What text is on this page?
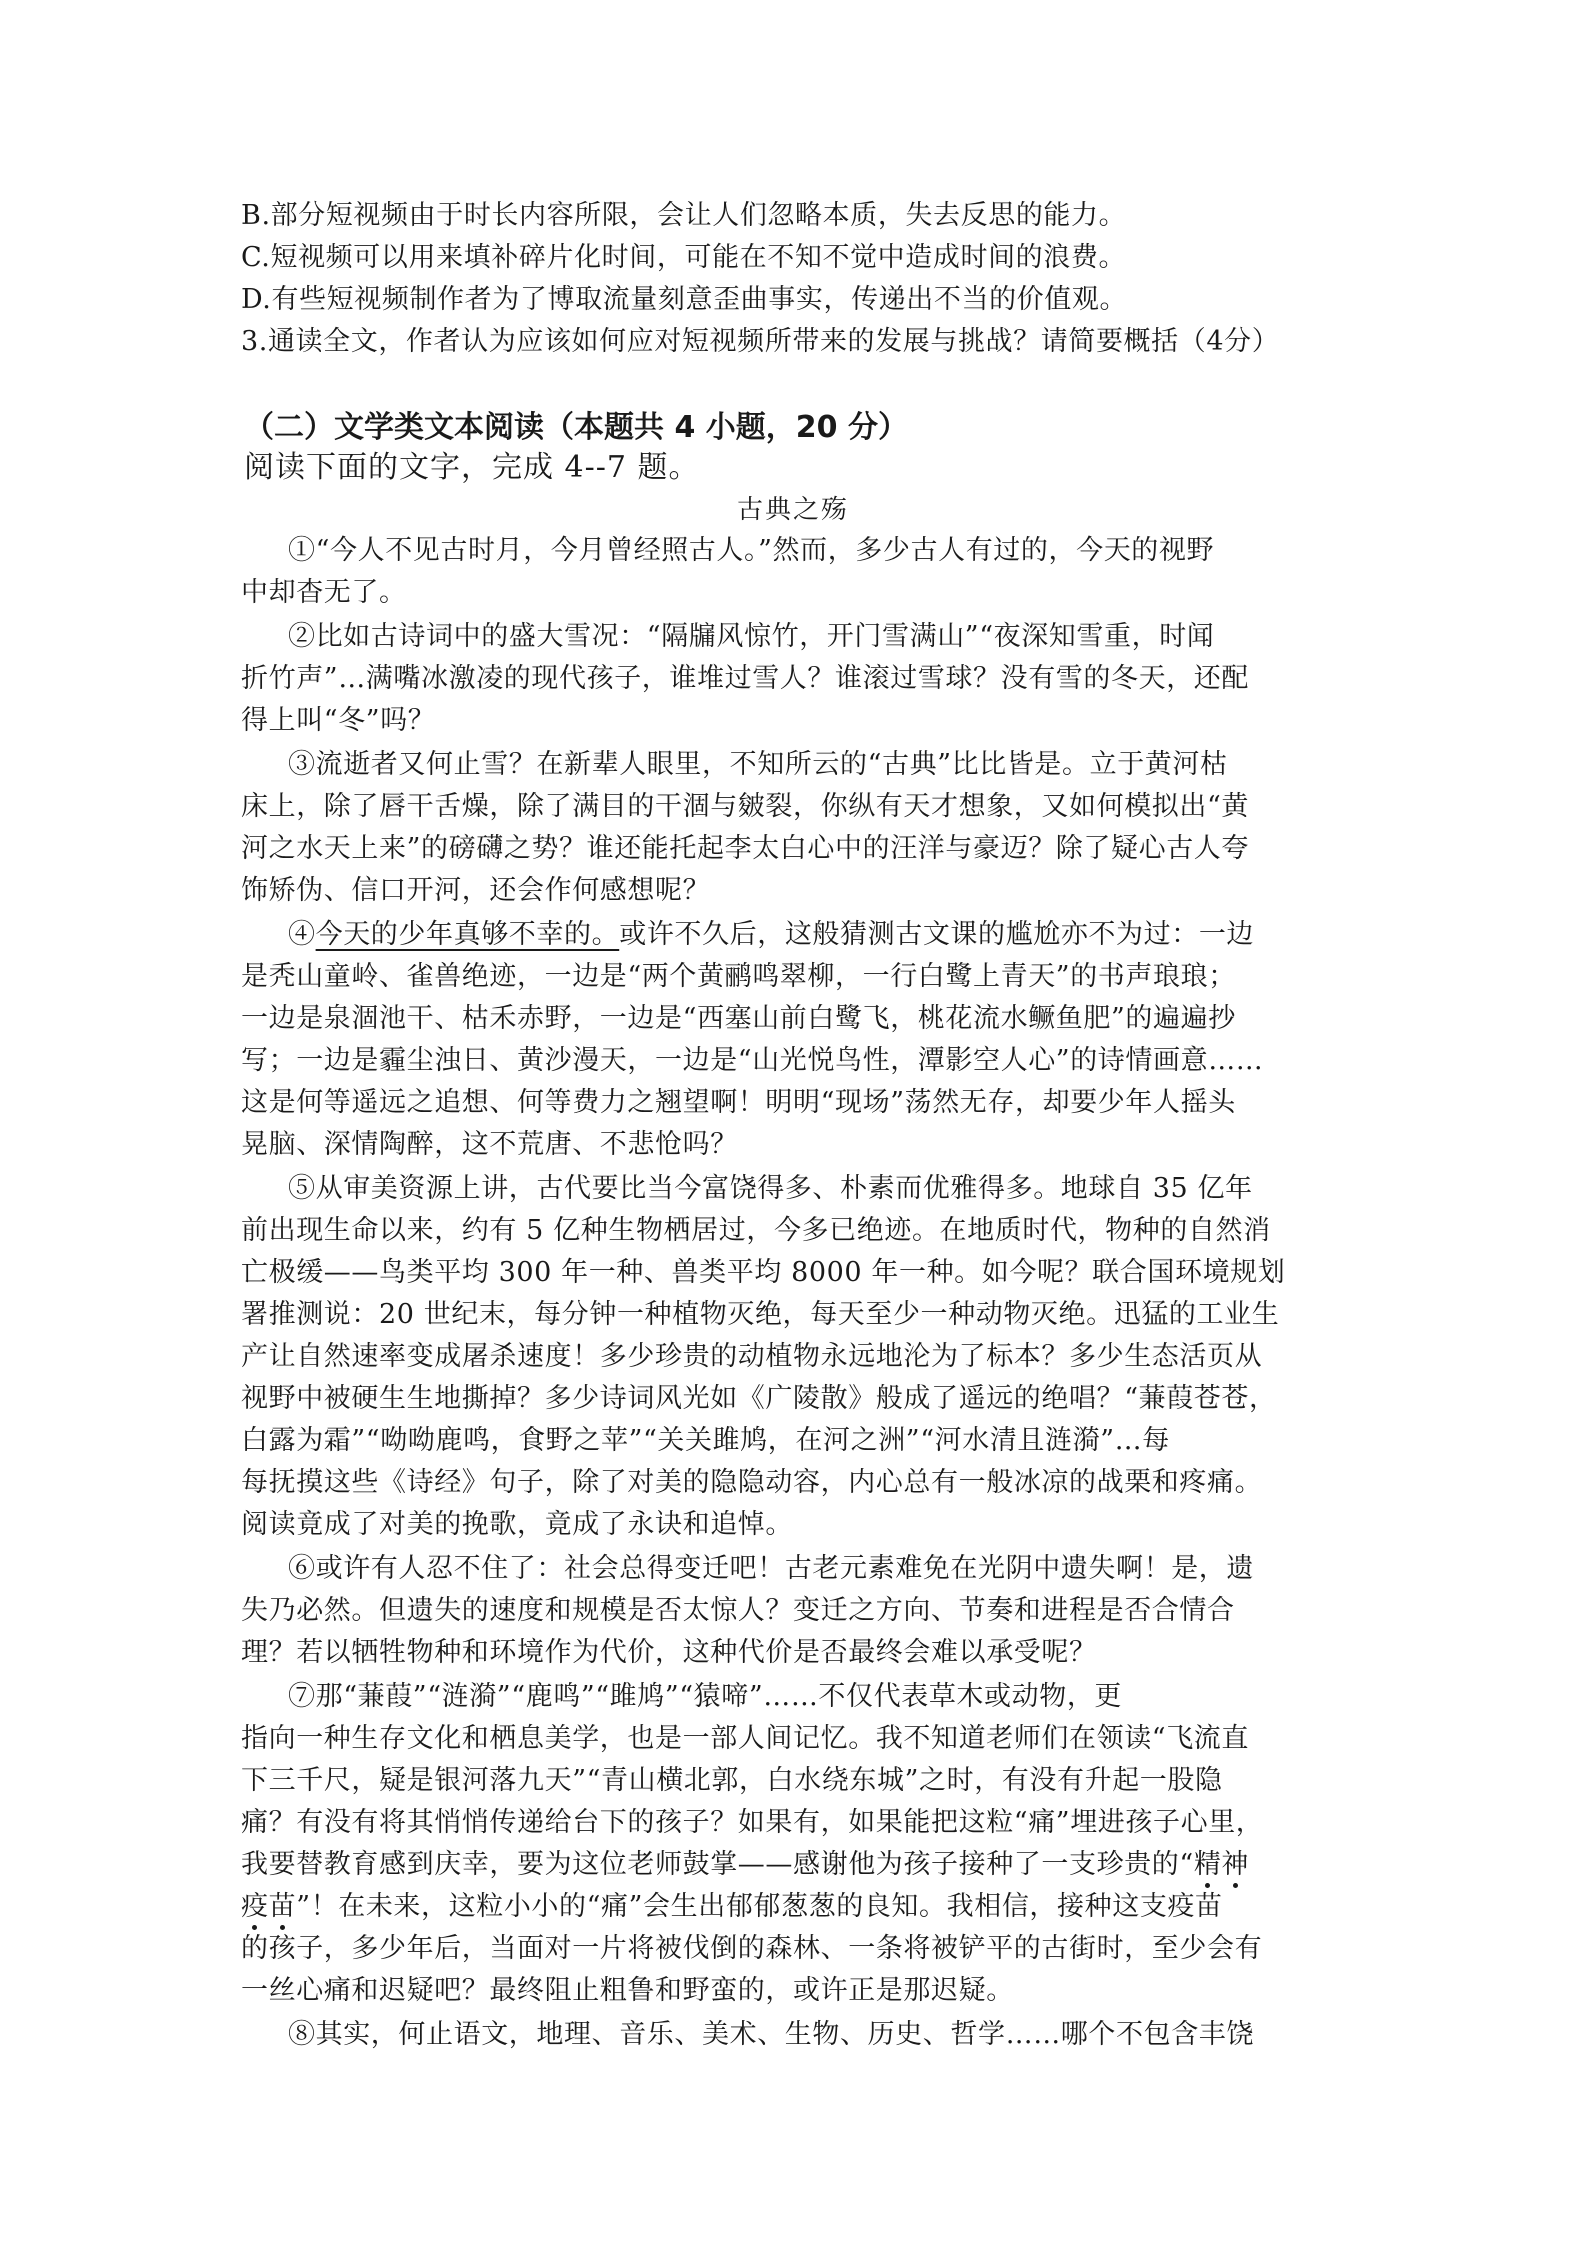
B.部分短视频由于时长内容所限，会让人们忽略本质，失去反思的能力。
C.短视频可以用来填补碎片化时间，可能在不知不觉中造成时间的浪费。
D.有些短视频制作者为了博取流量刻意歪曲事实，传递出不当的价值观。
3.通读全文，作者认为应该如何应对短视频所带来的发展与挑战？请简要概括（4分）
（二）文学类文本阅读（本题共 4 小题，20 分）
阅读下面的文字，完成 4--7 题。
古典之殇
①“今人不见古时月，今月曾经照古人。”然而，多少古人有过的，今天的视野
中却杳无了。
②比如古诗词中的盛大雪况：“隔牖风惊竹，开门雪满山”“夜深知雪重，时闻
折竹声”…满嘴冰激凌的现代孩子，谁堆过雪人？谁滚过雪球？没有雪的冬天，还配
得上叫“冬”吗？
③流逝者又何止雪？在新辈人眼里，不知所云的“古典”比比皆是。立于黄河枯
床上，除了唇干舌燥，除了满目的干涸与皴裂，你纵有天才想象，又如何模拟出“黄
河之水天上来”的磅礴之势？谁还能托起李太白心中的汪洋与豪迈？除了疑心古人夸
饰矫伪、信口开河，还会作何感想呢？
④今天的少年真够不幸的。或许不久后，这般猜测古文课的尴尬亦不为过：一边
是秃山童岭、雀兽绝迹，一边是“两个黄鹂鸣翠柳，一行白鹭上青天”的书声琅琅；
一边是泉涸池干、枯禾赤野，一边是“西塞山前白鹭飞，桃花流水鳜鱼肥”的遍遍抄
写；一边是霾尘浊日、黄沙漫天，一边是“山光悦鸟性，潭影空人心”的诗情画意……
这是何等遥远之追想、何等费力之翘望啊！明明“现场”荡然无存，却要少年人摇头
晃脑、深情陶醉，这不荒唐、不悲怆吗？
⑤从审美资源上讲，古代要比当今富饶得多、朴素而优雅得多。地球自 35 亿年
前出现生命以来，约有 5 亿种生物栖居过，今多已绝迹。在地质时代，物种的自然消
亡极缓——鸟类平均 300 年一种、兽类平均 8000 年一种。如今呢？联合国环境规划
署推测说：20 世纪末，每分钟一种植物灭绝，每天至少一种动物灭绝。迅猛的工业生
产让自然速率变成屠杀速度！多少珍贵的动植物永远地沦为了标本？多少生态活页从
视野中被硬生生地撕掉？多少诗词风光如《广陵散》般成了遥远的绝唱？“蒹葭苍苍，
白露为霜”“呦呦鹿鸣，食野之苹”“关关雎鸠，在河之洲”“河水清且涟漪”…每
每抚摸这些《诗经》句子，除了对美的隐隐动容，内心总有一般冰凉的战栗和疼痛。
阅读竟成了对美的挽歌，竟成了永诀和追悼。
⑥或许有人忍不住了：社会总得变迁吧！古老元素难免在光阴中遗失啊！是，遗
失乃必然。但遗失的速度和规模是否太惊人？变迁之方向、节奏和进程是否合情合
理？若以牺牲物种和环境作为代价，这种代价是否最终会难以承受呢？
⑦那“蒹葭”“涟漪”“鹿鸣”“雎鸠”“猿啼”……不仅代表草木或动物，更
指向一种生存文化和栖息美学，也是一部人间记忆。我不知道老师们在领读“飞流直
下三千尺，疑是银河落九天”“青山横北郭，白水绕东城”之时，有没有升起一股隐
痛？有没有将其悄悄传递给台下的孩子？如果有，如果能把这粒“痛”埋进孩子心里，
我要替教育感到庆幸，要为这位老师鼓掌——感谢他为孩子接种了一支珍贵的“精神
疫苗”！在未来，这粒小小的“痛”会生出郁郁葱葱的良知。我相信，接种这支疫苗
的孩子，多少年后，当面对一片将被伐倒的森林、一条将被铲平的古街时，至少会有
一丝心痛和迟疑吧？最终阻止粗鲁和野蛮的，或许正是那迟疑。
⑧其实，何止语文，地理、音乐、美术、生物、历史、哲学……哪个不包含丰饶
